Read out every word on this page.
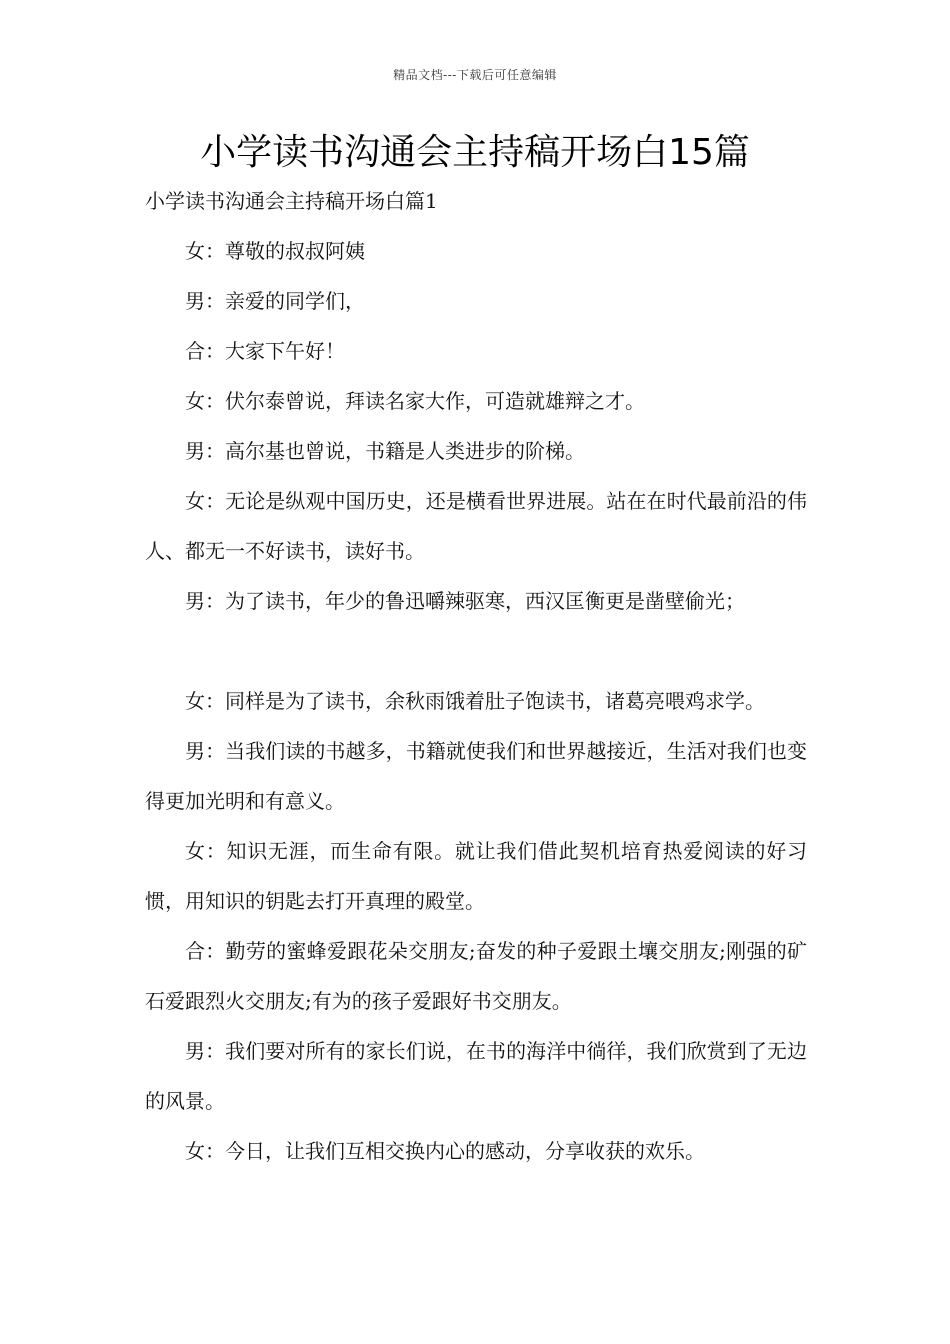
精品文档---下载后可任意编辑
小学读书沟通会主持稿开场白15篇
小学读书沟通会主持稿开场白篇1

女：尊敬的叔叔阿姨

男：亲爱的同学们，

合：大家下午好！

女：伏尔泰曾说，拜读名家大作，可造就雄辩之才。

男：高尔基也曾说，书籍是人类进步的阶梯。

女：无论是纵观中国历史，还是横看世界进展。站在在时代最前沿的伟人、都无一不好读书，读好书。

男：为了读书，年少的鲁迅嚼辣驱寒，西汉匡衡更是凿壁偷光；

女：同样是为了读书，余秋雨饿着肚子饱读书，诸葛亮喂鸡求学。

男：当我们读的书越多，书籍就使我们和世界越接近，生活对我们也变得更加光明和有意义。

女：知识无涯，而生命有限。就让我们借此契机培育热爱阅读的好习惯，用知识的钥匙去打开真理的殿堂。

合：勤劳的蜜蜂爱跟花朵交朋友;奋发的种子爱跟土壤交朋友;刚强的矿石爱跟烈火交朋友;有为的孩子爱跟好书交朋友。

男：我们要对所有的家长们说，在书的海洋中徜徉，我们欣赏到了无边的风景。

女：今日，让我们互相交换内心的感动，分享收获的欢乐。
